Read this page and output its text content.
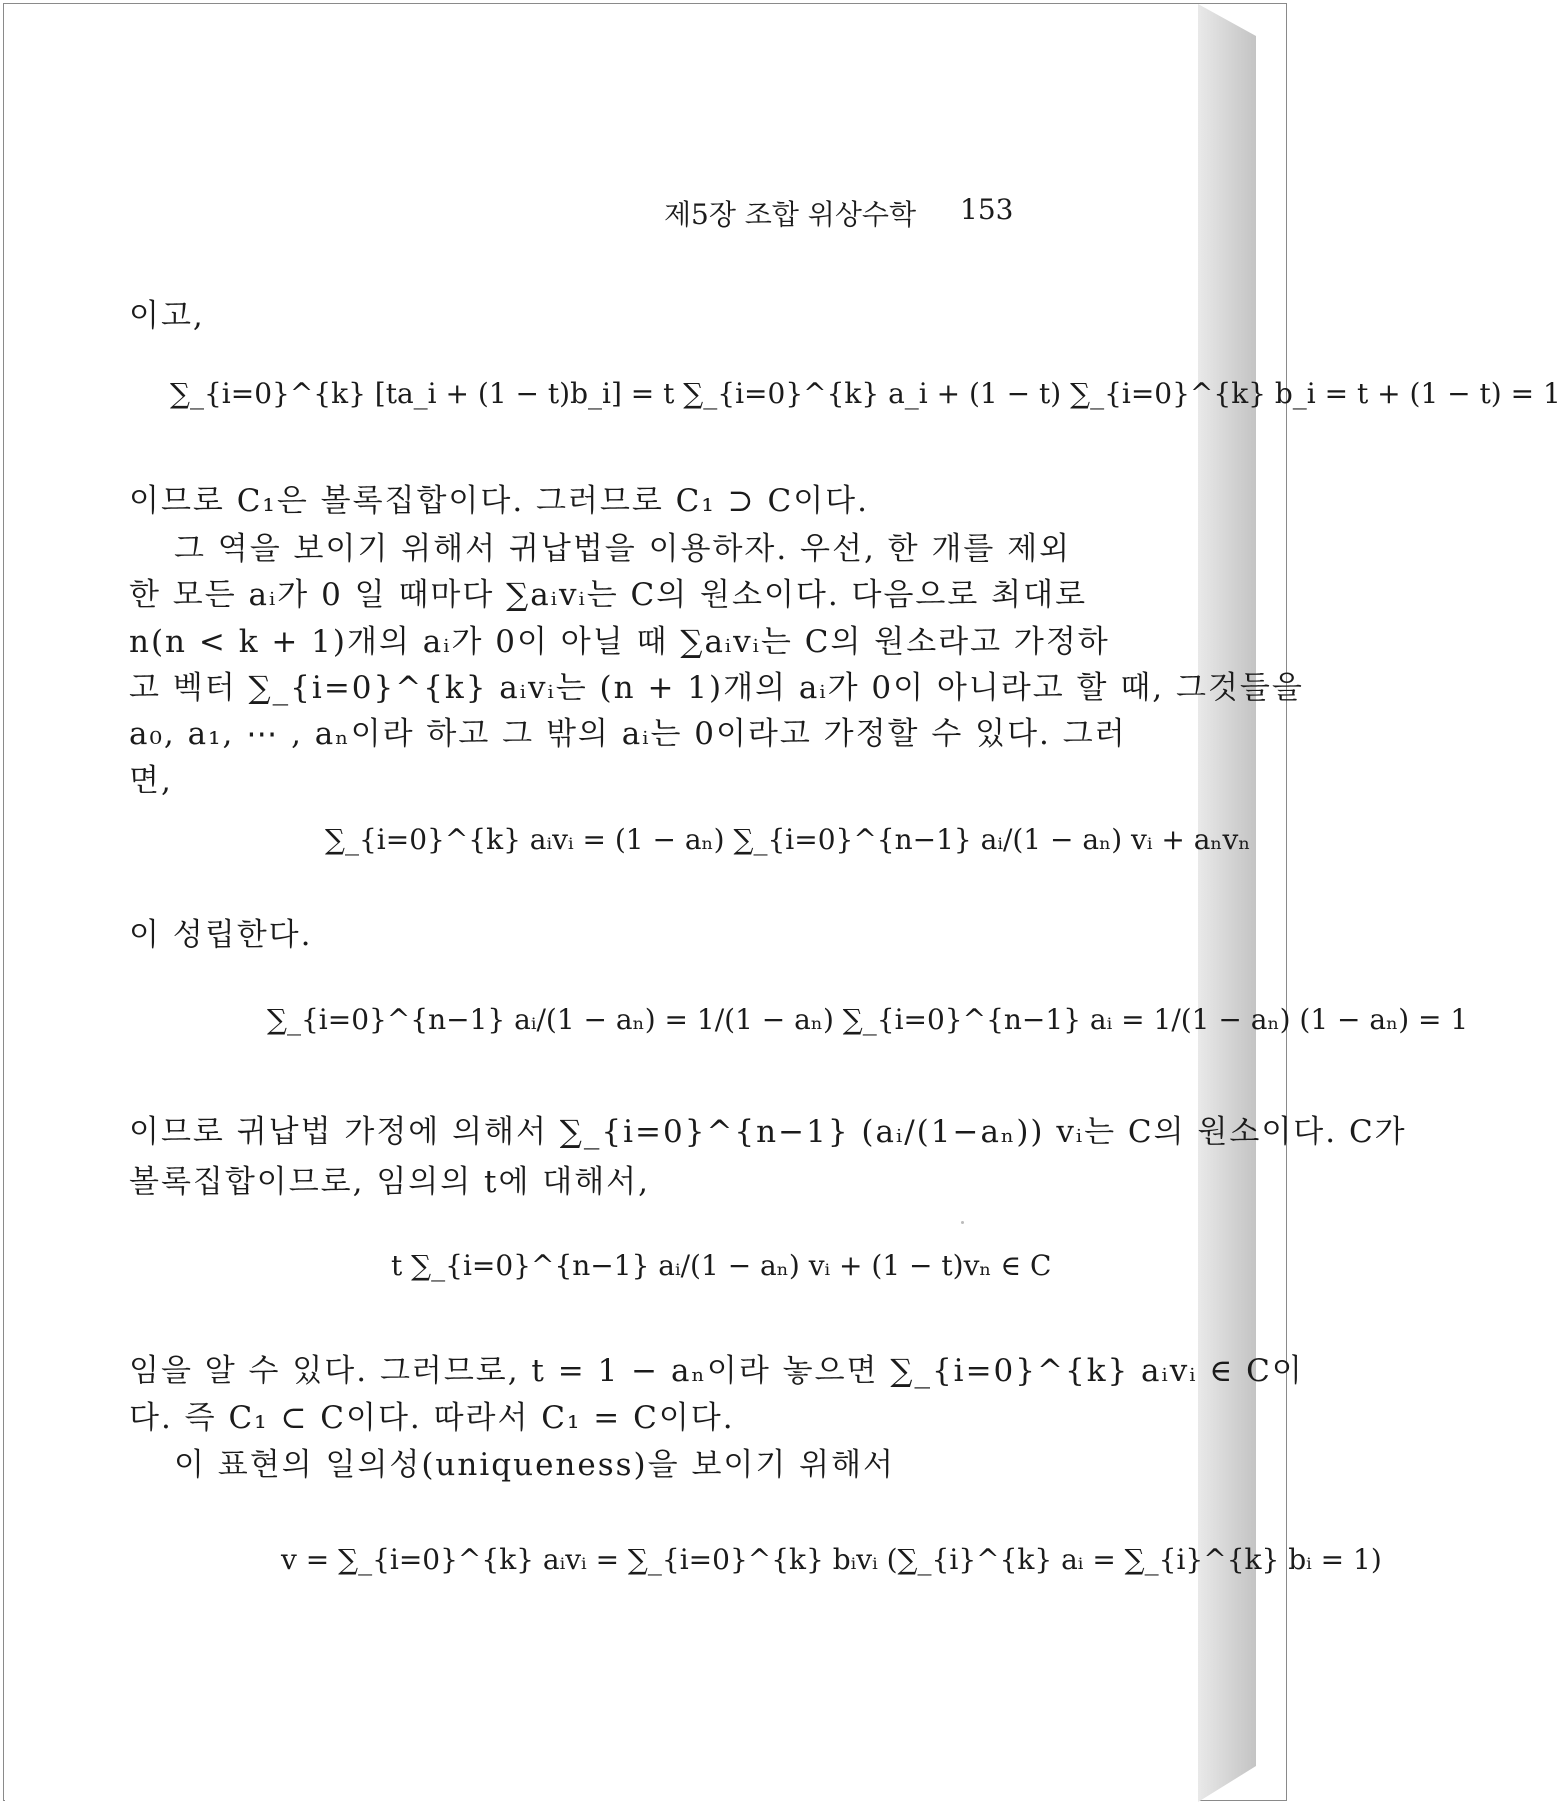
제5장 조합 위상수학 153
이고,
∑_{i=0}^{k} [ta_i + (1 − t)b_i] = t ∑_{i=0}^{k} a_i + (1 − t) ∑_{i=0}^{k} b_i = t + (1 − t) = 1
이므로 C₁은 볼록집합이다. 그러므로 C₁ ⊃ C이다.
그 역을 보이기 위해서 귀납법을 이용하자. 우선, 한 개를 제외
한 모든 aᵢ가 0 일 때마다 ∑aᵢvᵢ는 C의 원소이다. 다음으로 최대로
n(n < k + 1)개의 aᵢ가 0이 아닐 때 ∑aᵢvᵢ는 C의 원소라고 가정하
고 벡터 ∑_{i=0}^{k} aᵢvᵢ는 (n + 1)개의 aᵢ가 0이 아니라고 할 때, 그것들을
a₀, a₁, ⋯ , aₙ이라 하고 그 밖의 aᵢ는 0이라고 가정할 수 있다. 그러
면,
∑_{i=0}^{k} aᵢvᵢ = (1 − aₙ) ∑_{i=0}^{n−1} aᵢ/(1 − aₙ) vᵢ + aₙvₙ
이 성립한다.
∑_{i=0}^{n−1} aᵢ/(1 − aₙ) = 1/(1 − aₙ) ∑_{i=0}^{n−1} aᵢ = 1/(1 − aₙ) (1 − aₙ) = 1
이므로 귀납법 가정에 의해서 ∑_{i=0}^{n−1} (aᵢ/(1−aₙ)) vᵢ는 C의 원소이다. C가
볼록집합이므로, 임의의 t에 대해서,
t ∑_{i=0}^{n−1} aᵢ/(1 − aₙ) vᵢ + (1 − t)vₙ ∈ C
임을 알 수 있다. 그러므로, t = 1 − aₙ이라 놓으면 ∑_{i=0}^{k} aᵢvᵢ ∈ C이
다. 즉 C₁ ⊂ C이다. 따라서 C₁ = C이다.
이 표현의 일의성(uniqueness)을 보이기 위해서
v = ∑_{i=0}^{k} aᵢvᵢ = ∑_{i=0}^{k} bᵢvᵢ (∑_{i}^{k} aᵢ = ∑_{i}^{k} bᵢ = 1)
